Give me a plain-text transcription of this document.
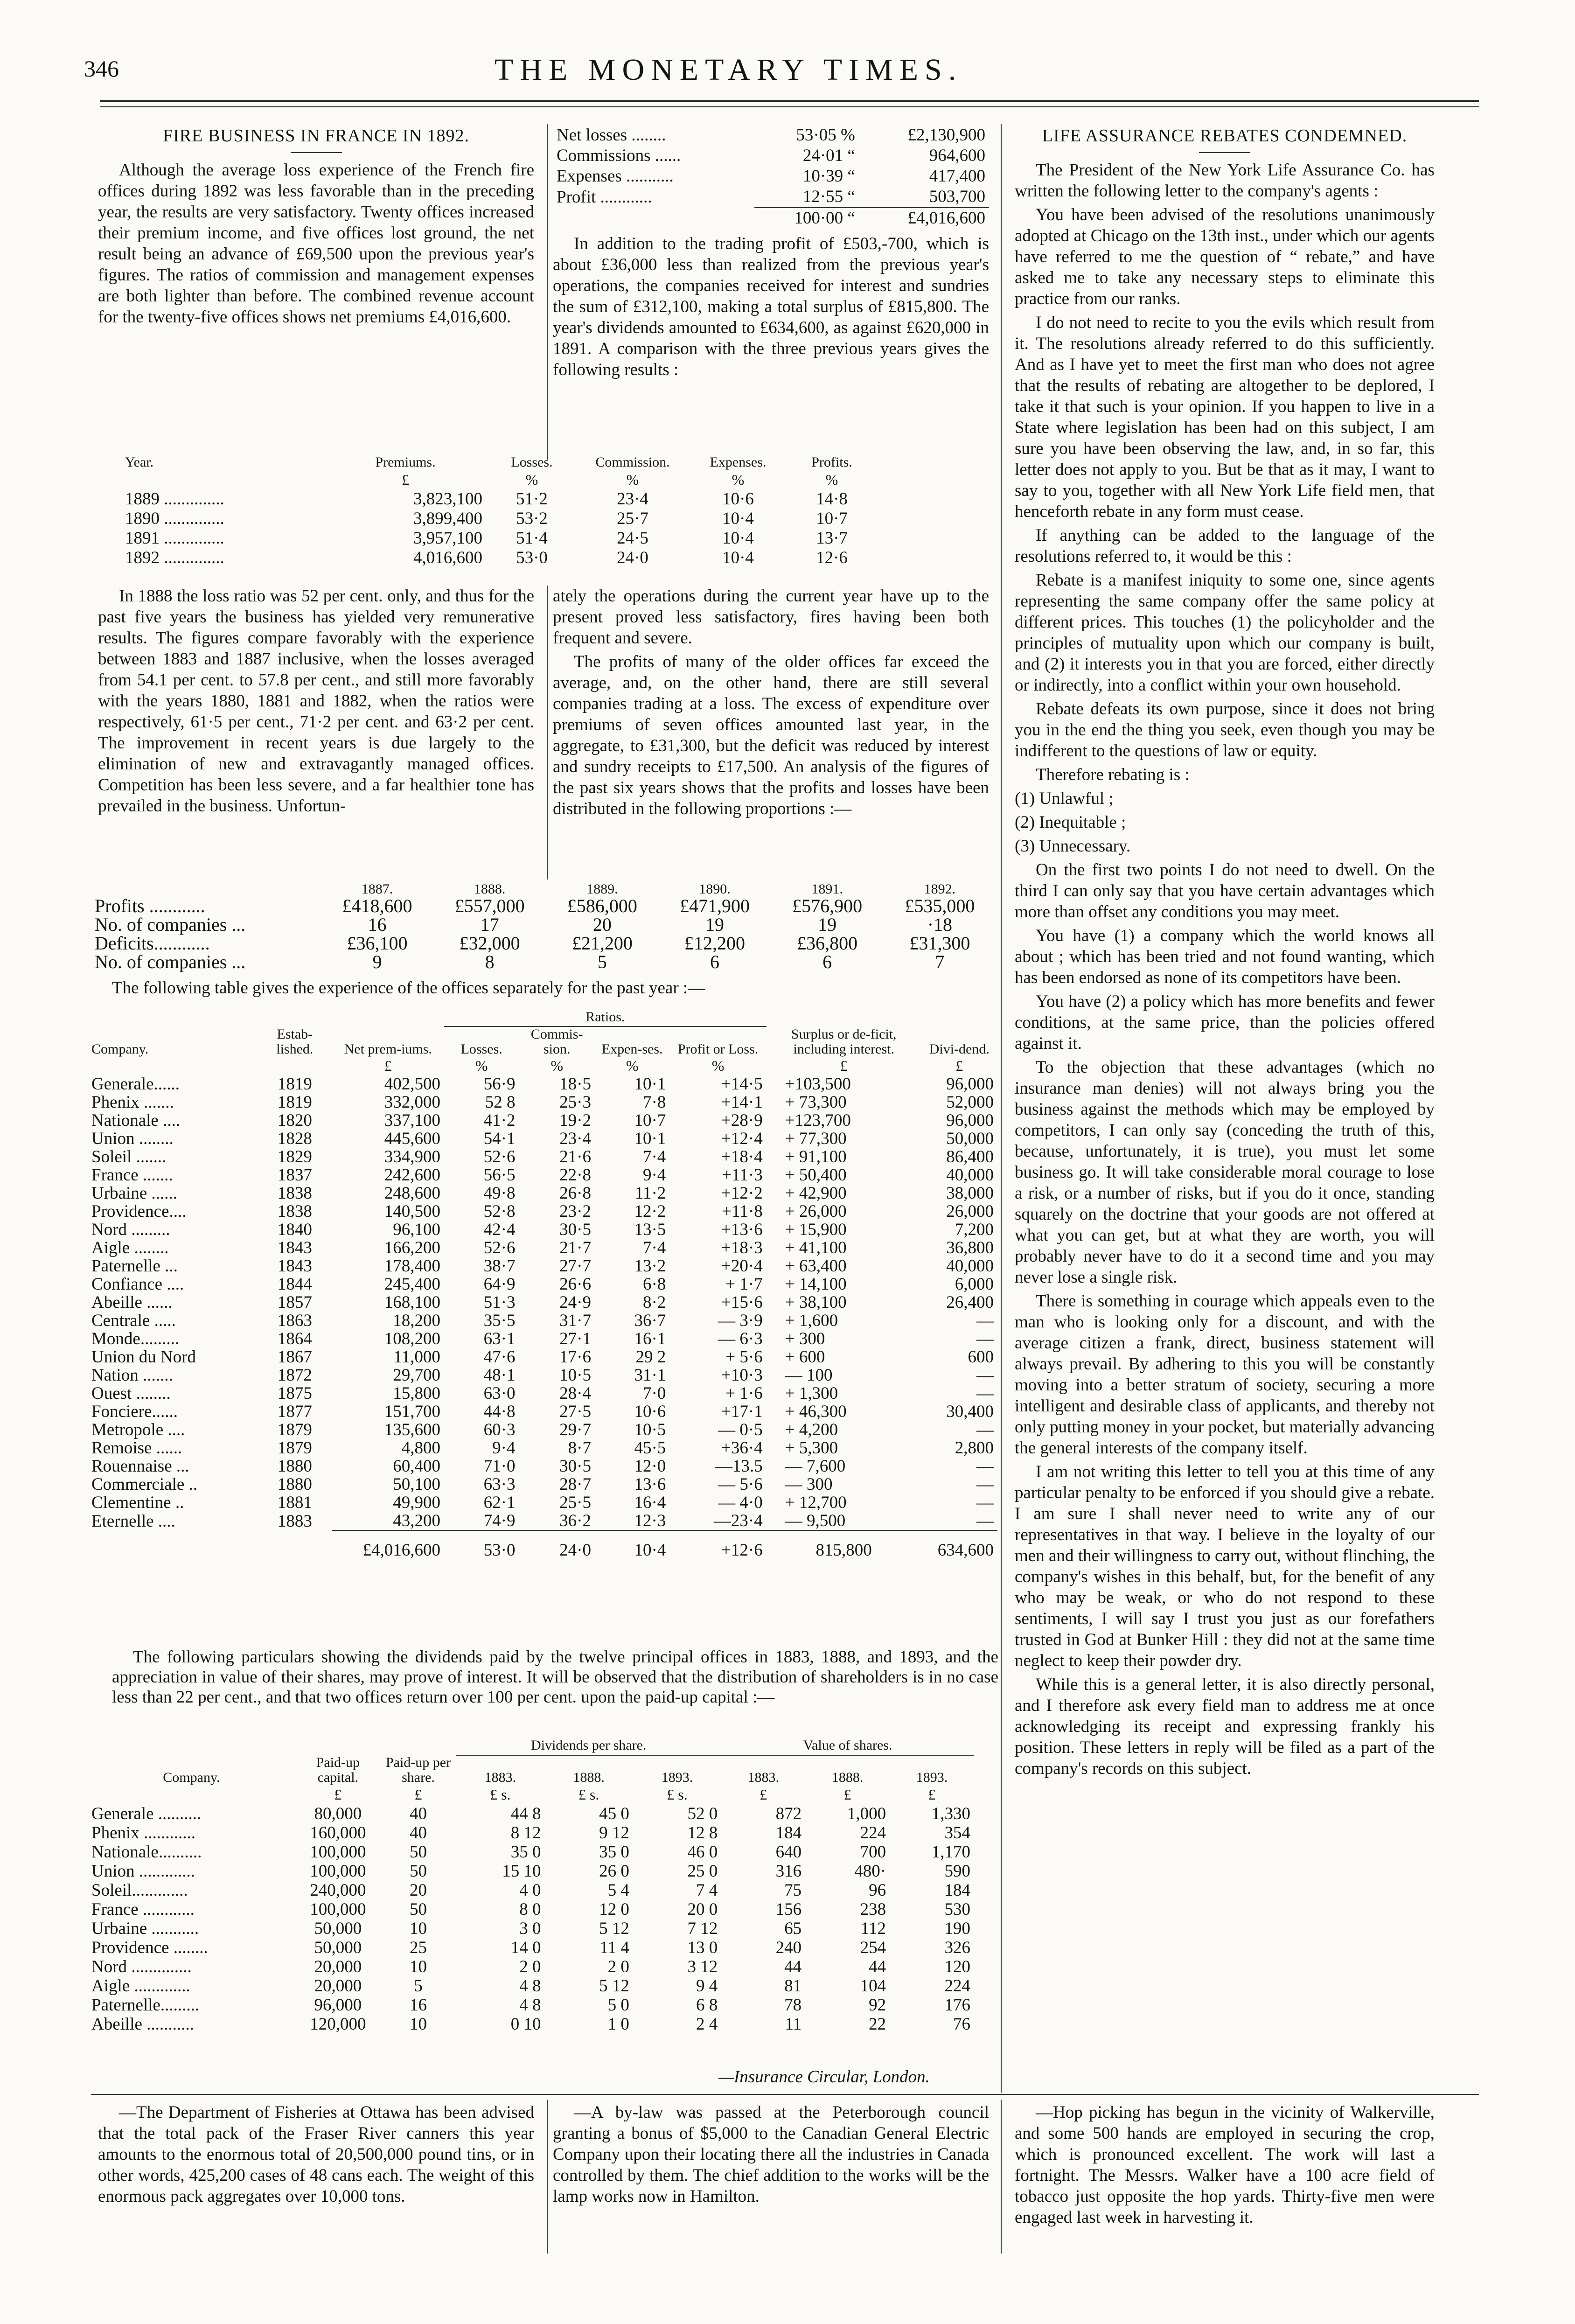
346	THE MONETARY TIMES.
FIRE BUSINESS IN FRANCE IN 1892.

Although the average loss experience of the French fire offices during 1892 was less favorable than in the preceding year, the results are very satisfactory. Twenty offices increased their premium income, and five offices lost ground, the net result being an advance of £69,500 upon the previous year's figures. The ratios of commission and management expenses are both lighter than before. The combined revenue account for the twenty-five offices shows net premiums £4,016,600.

Net losses ........	53·05 %	£2,130,900
Commissions ......	24·01 “	964,600
Expenses ...........	10·39 “	417,400
Profit ............	12·55 “	503,700
	100·00 “	£4,016,600

In addition to the trading profit of £503,-700, which is about £36,000 less than realized from the previous year's operations, the companies received for interest and sundries the sum of £312,100, making a total surplus of £815,800. The year's dividends amounted to £634,600, as against £620,000 in 1891. A comparison with the three previous years gives the following results :

Year.	Premiums.	Losses.	Commission.	Expenses.	Profits.
	£	%	%	%	%
1889 ..............	3,823,100	51·2	23·4	10·6	14·8
1890 ..............	3,899,400	53·2	25·7	10·4	10·7
1891 ..............	3,957,100	51·4	24·5	10·4	13·7
1892 ..............	4,016,600	53·0	24·0	10·4	12·6

In 1888 the loss ratio was 52 per cent. only, and thus for the past five years the business has yielded very remunerative results. The figures compare favorably with the experience between 1883 and 1887 inclusive, when the losses averaged from 54.1 per cent. to 57.8 per cent., and still more favorably with the years 1880, 1881 and 1882, when the ratios were respectively, 61·5 per cent., 71·2 per cent. and 63·2 per cent. The improvement in recent years is due largely to the elimination of new and extravagantly managed offices. Competition has been less severe, and a far healthier tone has prevailed in the business. Unfortun-

ately the operations during the current year have up to the present proved less satisfactory, fires having been both frequent and severe.

The profits of many of the older offices far exceed the average, and, on the other hand, there are still several companies trading at a loss. The excess of expenditure over premiums of seven offices amounted last year, in the aggregate, to £31,300, but the deficit was reduced by interest and sundry receipts to £17,500. An analysis of the figures of the past six years shows that the profits and losses have been distributed in the following proportions :—

	1887.	1888.	1889.	1890.	1891.	1892.
Profits ............	£418,600	£557,000	£586,000	£471,900	£576,900	£535,000
No. of companies ...	16	17	20	19	19	·18
Deficits............	£36,100	£32,000	£21,200	£12,200	£36,800	£31,300
No. of companies ...	9	8	5	6	6	7

The following table gives the experience of the offices separately for the past year :—

			Ratios.					
Company.	Estab-lished.	Net prem-iums.	Losses.	Commis-sion.	Expen-ses.	Profit or Loss.	Surplus or de-ficit, including interest.	Divi-dend.
		£	%	%	%	%	£	£
Generale......	1819	402,500	56·9	18·5	10·1	+14·5	+103,500	96,000
Phenix .......	1819	332,000	52 8	25·3	7·8	+14·1	+ 73,300	52,000
Nationale ....	1820	337,100	41·2	19·2	10·7	+28·9	+123,700	96,000
Union ........	1828	445,600	54·1	23·4	10·1	+12·4	+ 77,300	50,000
Soleil .......	1829	334,900	52·6	21·6	7·4	+18·4	+ 91,100	86,400
France .......	1837	242,600	56·5	22·8	9·4	+11·3	+ 50,400	40,000
Urbaine ......	1838	248,600	49·8	26·8	11·2	+12·2	+ 42,900	38,000
Providence....	1838	140,500	52·8	23·2	12·2	+11·8	+ 26,000	26,000
Nord .........	1840	96,100	42·4	30·5	13·5	+13·6	+ 15,900	7,200
Aigle ........	1843	166,200	52·6	21·7	7·4	+18·3	+ 41,100	36,800
Paternelle ...	1843	178,400	38·7	27·7	13·2	+20·4	+ 63,400	40,000
Confiance ....	1844	245,400	64·9	26·6	6·8	+ 1·7	+ 14,100	6,000
Abeille ......	1857	168,100	51·3	24·9	8·2	+15·6	+ 38,100	26,400
Centrale .....	1863	18,200	35·5	31·7	36·7	— 3·9	+ 1,600	—
Monde.........	1864	108,200	63·1	27·1	16·1	— 6·3	+ 300	—
Union du Nord	1867	11,000	47·6	17·6	29 2	+ 5·6	+ 600	600
Nation .......	1872	29,700	48·1	10·5	31·1	+10·3	— 100	—
Ouest ........	1875	15,800	63·0	28·4	7·0	+ 1·6	+ 1,300	—
Fonciere......	1877	151,700	44·8	27·5	10·6	+17·1	+ 46,300	30,400
Metropole ....	1879	135,600	60·3	29·7	10·5	— 0·5	+ 4,200	—
Remoise ......	1879	4,800	9·4	8·7	45·5	+36·4	+ 5,300	2,800
Rouennaise ...	1880	60,400	71·0	30·5	12·0	—13.5	— 7,600	—
Commerciale ..	1880	50,100	63·3	28·7	13·6	— 5·6	— 300	—
Clementine ..	1881	49,900	62·1	25·5	16·4	— 4·0	+ 12,700	—
Eternelle ....	1883	43,200	74·9	36·2	12·3	—23·4	— 9,500	—
		£4,016,600	53·0	24·0	10·4	+12·6	815,800	634,600

The following particulars showing the dividends paid by the twelve principal offices in 1883, 1888, and 1893, and the appreciation in value of their shares, may prove of interest. It will be observed that the distribution of shareholders is in no case less than 22 per cent., and that two offices return over 100 per cent. upon the paid-up capital :—

			Dividends per share.			Value of shares.		
Company.	Paid-up capital.	Paid-up per share.	1883.	1888.	1893.	1883.	1888.	1893.
	£	£	£ s.	£ s.	£ s.	£	£	£
Generale ..........	80,000	40	44 8	45 0	52 0	872	1,000	1,330
Phenix ............	160,000	40	8 12	9 12	12 8	184	224	354
Nationale..........	100,000	50	35 0	35 0	46 0	640	700	1,170
Union .............	100,000	50	15 10	26 0	25 0	316	480·	590
Soleil.............	240,000	20	4 0	5 4	7 4	75	96	184
France ............	100,000	50	8 0	12 0	20 0	156	238	530
Urbaine ...........	50,000	10	3 0	5 12	7 12	65	112	190
Providence ........	50,000	25	14 0	11 4	13 0	240	254	326
Nord ..............	20,000	10	2 0	2 0	3 12	44	44	120
Aigle .............	20,000	5	4 8	5 12	9 4	81	104	224
Paternelle.........	96,000	16	4 8	5 0	6 8	78	92	176
Abeille ...........	120,000	10	0 10	1 0	2 4	11	22	76
—Insurance Circular, London.
LIFE ASSURANCE REBATES CONDEMNED.

The President of the New York Life Assurance Co. has written the following letter to the company's agents :

You have been advised of the resolutions unanimously adopted at Chicago on the 13th inst., under which our agents have referred to me the question of “ rebate,” and have asked me to take any necessary steps to eliminate this practice from our ranks.

I do not need to recite to you the evils which result from it. The resolutions already referred to do this sufficiently. And as I have yet to meet the first man who does not agree that the results of rebating are altogether to be deplored, I take it that such is your opinion. If you happen to live in a State where legislation has been had on this subject, I am sure you have been observing the law, and, in so far, this letter does not apply to you. But be that as it may, I want to say to you, together with all New York Life field men, that henceforth rebate in any form must cease.

If anything can be added to the language of the resolutions referred to, it would be this :

Rebate is a manifest iniquity to some one, since agents representing the same company offer the same policy at different prices. This touches (1) the policyholder and the principles of mutuality upon which our company is built, and (2) it interests you in that you are forced, either directly or indirectly, into a conflict within your own household.

Rebate defeats its own purpose, since it does not bring you in the end the thing you seek, even though you may be indifferent to the questions of law or equity.

Therefore rebating is :

(1) Unlawful ;

(2) Inequitable ;

(3) Unnecessary.

On the first two points I do not need to dwell. On the third I can only say that you have certain advantages which more than offset any conditions you may meet.

You have (1) a company which the world knows all about ; which has been tried and not found wanting, which has been endorsed as none of its competitors have been.

You have (2) a policy which has more benefits and fewer conditions, at the same price, than the policies offered against it.

To the objection that these advantages (which no insurance man denies) will not always bring you the business against the methods which may be employed by competitors, I can only say (conceding the truth of this, because, unfortunately, it is true), you must let some business go. It will take considerable moral courage to lose a risk, or a number of risks, but if you do it once, standing squarely on the doctrine that your goods are not offered at what you can get, but at what they are worth, you will probably never have to do it a second time and you may never lose a single risk.

There is something in courage which appeals even to the man who is looking only for a discount, and with the average citizen a frank, direct, business statement will always prevail. By adhering to this you will be constantly moving into a better stratum of society, securing a more intelligent and desirable class of applicants, and thereby not only putting money in your pocket, but materially advancing the general interests of the company itself.

I am not writing this letter to tell you at this time of any particular penalty to be enforced if you should give a rebate. I am sure I shall never need to write any of our representatives in that way. I believe in the loyalty of our men and their willingness to carry out, without flinching, the company's wishes in this behalf, but, for the benefit of any who may be weak, or who do not respond to these sentiments, I will say I trust you just as our forefathers trusted in God at Bunker Hill : they did not at the same time neglect to keep their powder dry.

While this is a general letter, it is also directly personal, and I therefore ask every field man to address me at once acknowledging its receipt and expressing frankly his position. These letters in reply will be filed as a part of the company's records on this subject.

—The Department of Fisheries at Ottawa has been advised that the total pack of the Fraser River canners this year amounts to the enormous total of 20,500,000 pound tins, or in other words, 425,200 cases of 48 cans each. The weight of this enormous pack aggregates over 10,000 tons.

—A by-law was passed at the Peterborough council granting a bonus of $5,000 to the Canadian General Electric Company upon their locating there all the industries in Canada controlled by them. The chief addition to the works will be the lamp works now in Hamilton.

—Hop picking has begun in the vicinity of Walkerville, and some 500 hands are employed in securing the crop, which is pronounced excellent. The work will last a fortnight. The Messrs. Walker have a 100 acre field of tobacco just opposite the hop yards. Thirty-five men were engaged last week in harvesting it.
